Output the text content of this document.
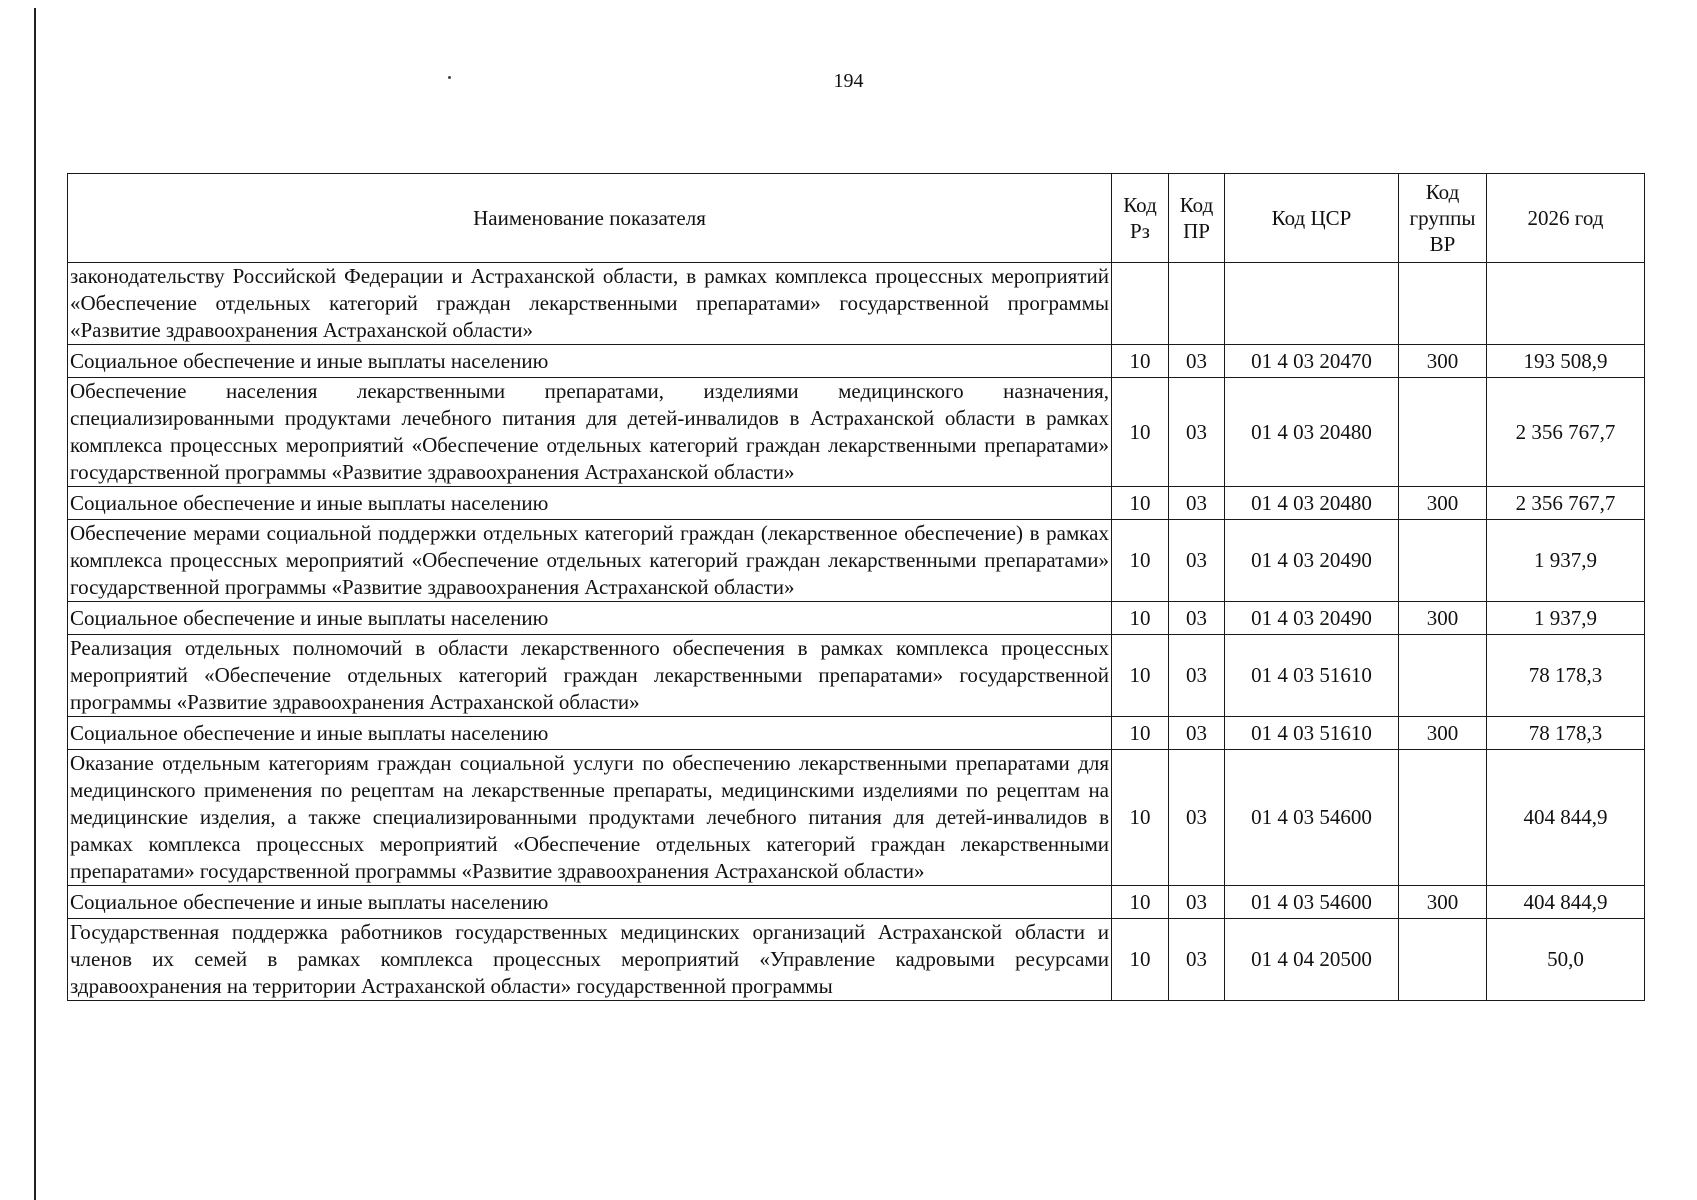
194
Наименование показателя	Код Рз	Код ПР	Код ЦСР	Код группы ВР	2026 год
законодательству Российской Федерации и Астраханской области, в рамках комплекса процессных мероприятий «Обеспечение отдельных категорий граждан лекарственными препаратами» государственной программы «Развитие здравоохранения Астраханской области»					
Социальное обеспечение и иные выплаты населению	10	03	01 4 03 20470	300	193 508,9
Обеспечение населения лекарственными препаратами, изделиями медицинского назначения, специализированными продуктами лечебного питания для детей-инвалидов в Астраханской области в рамках комплекса процессных мероприятий «Обеспечение отдельных категорий граждан лекарственными препаратами» государственной программы «Развитие здравоохранения Астраханской области»	10	03	01 4 03 20480		2 356 767,7
Социальное обеспечение и иные выплаты населению	10	03	01 4 03 20480	300	2 356 767,7
Обеспечение мерами социальной поддержки отдельных категорий граждан (лекарственное обеспечение) в рамках комплекса процессных мероприятий «Обеспечение отдельных категорий граждан лекарственными препаратами» государственной программы «Развитие здравоохранения Астраханской области»	10	03	01 4 03 20490		1 937,9
Социальное обеспечение и иные выплаты населению	10	03	01 4 03 20490	300	1 937,9
Реализация отдельных полномочий в области лекарственного обеспечения в рамках комплекса процессных мероприятий «Обеспечение отдельных категорий граждан лекарственными препаратами» государственной программы «Развитие здравоохранения Астраханской области»	10	03	01 4 03 51610		78 178,3
Социальное обеспечение и иные выплаты населению	10	03	01 4 03 51610	300	78 178,3
Оказание отдельным категориям граждан социальной услуги по обеспечению лекарственными препаратами для медицинского применения по рецептам на лекарственные препараты, медицинскими изделиями по рецептам на медицинские изделия, а также специализированными продуктами лечебного питания для детей-инвалидов в рамках комплекса процессных мероприятий «Обеспечение отдельных категорий граждан лекарственными препаратами» государственной программы «Развитие здравоохранения Астраханской области»	10	03	01 4 03 54600		404 844,9
Социальное обеспечение и иные выплаты населению	10	03	01 4 03 54600	300	404 844,9
Государственная поддержка работников государственных медицинских организаций Астраханской области и членов их семей в рамках комплекса процессных мероприятий «Управление кадровыми ресурсами здравоохранения на территории Астраханской области» государственной программы	10	03	01 4 04 20500		50,0
